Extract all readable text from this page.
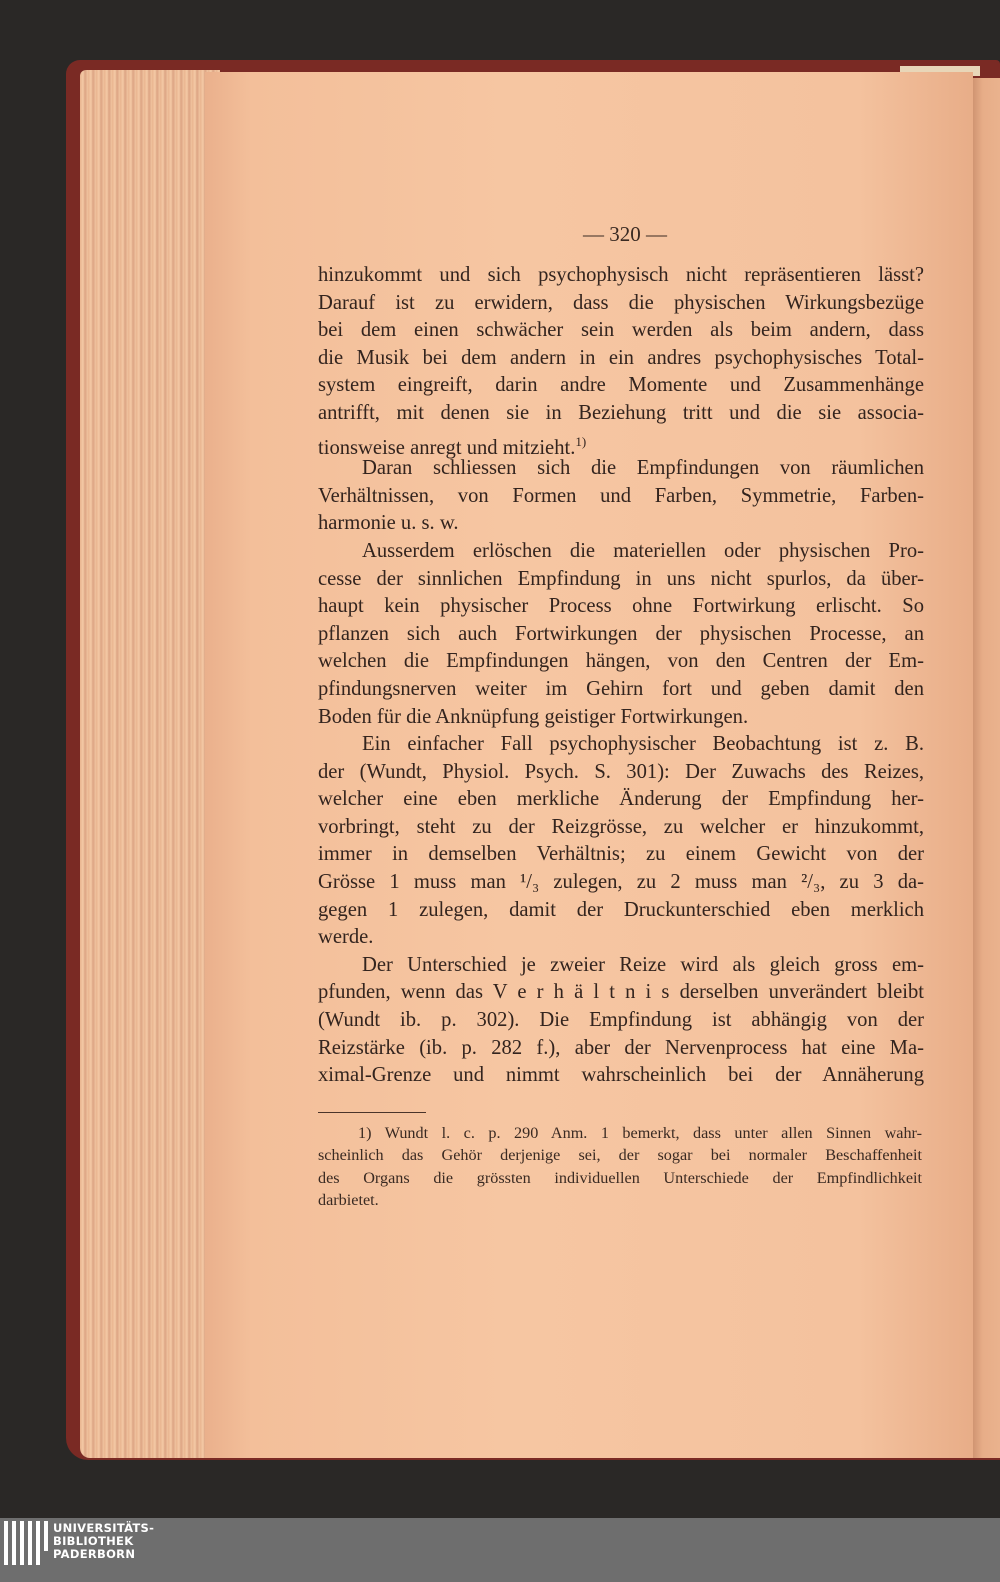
— 320 —
hinzukommt und sich psychophysisch nicht repräsentieren lässt?
Darauf ist zu erwidern, dass die physischen Wirkungsbezüge
bei dem einen schwächer sein werden als beim andern, dass
die Musik bei dem andern in ein andres psychophysisches Total-
system eingreift, darin andre Momente und Zusammenhänge
antrifft, mit denen sie in Beziehung tritt und die sie associa-
tionsweise anregt und mitzieht.$^{1)}$
Daran schliessen sich die Empfindungen von räumlichen
Verhältnissen, von Formen und Farben, Symmetrie, Farben-
harmonie u. s. w.
Ausserdem erlöschen die materiellen oder physischen Pro-
cesse der sinnlichen Empfindung in uns nicht spurlos, da über-
haupt kein physischer Process ohne Fortwirkung erlischt. So
pflanzen sich auch Fortwirkungen der physischen Processe, an
welchen die Empfindungen hängen, von den Centren der Em-
pfindungsnerven weiter im Gehirn fort und geben damit den
Boden für die Anknüpfung geistiger Fortwirkungen.
Ein einfacher Fall psychophysischer Beobachtung ist z. B.
der (Wundt, Physiol. Psych. S. 301): Der Zuwachs des Reizes,
welcher eine eben merkliche Änderung der Empfindung her-
vorbringt, steht zu der Reizgrösse, zu welcher er hinzukommt,
immer in demselben Verhältnis; zu einem Gewicht von der
Grösse 1 muss man ¹/₃ zulegen, zu 2 muss man ²/₃, zu 3 da-
gegen 1 zulegen, damit der Druckunterschied eben merklich
werde.
Der Unterschied je zweier Reize wird als gleich gross em-
pfunden, wenn das V e r h ä l t n i s derselben unverändert bleibt
(Wundt ib. p. 302). Die Empfindung ist abhängig von der
Reizstärke (ib. p. 282 f.), aber der Nervenprocess hat eine Ma-
ximal-Grenze und nimmt wahrscheinlich bei der Annäherung
1) Wundt l. c. p. 290 Anm. 1 bemerkt, dass unter allen Sinnen wahr-
scheinlich das Gehör derjenige sei, der sogar bei normaler Beschaffenheit
des Organs die grössten individuellen Unterschiede der Empfindlichkeit
darbietet.
UNIVERSITÄTS-
BIBLIOTHEK
PADERBORN
